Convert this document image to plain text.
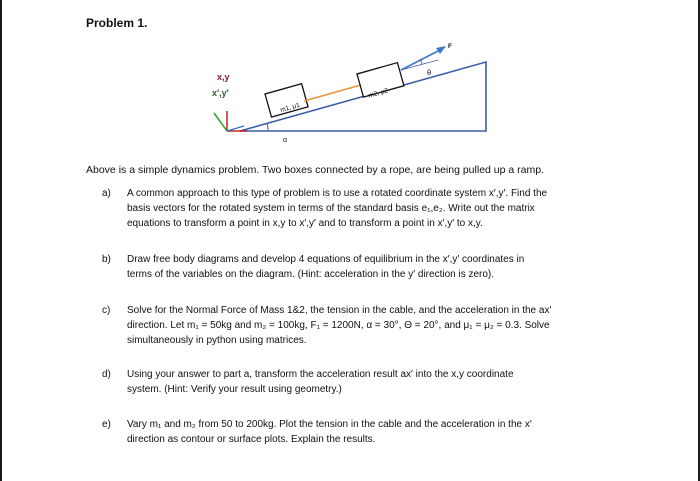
Problem 1.
α
m1, μ1
m2, μ2
θ
F
x,y
x′,y′
Above is a simple dynamics problem. Two boxes connected by a rope, are being pulled up a ramp.
a) A common approach to this type of problem is to use a rotated coordinate system x′,y′. Find the
basis vectors for the rotated system in terms of the standard basis e₁,e₂. Write out the matrix
equations to transform a point in x,y to x′,y′ and to transform a point in x′,y′ to x,y.
b) Draw free body diagrams and develop 4 equations of equilibrium in the x′,y′ coordinates in
terms of the variables on the diagram. (Hint: acceleration in the y′ direction is zero).
c) Solve for the Normal Force of Mass 1&2, the tension in the cable, and the acceleration in the ax′
direction. Let m₁ = 50kg and m₂ = 100kg, F₁ = 1200N, α = 30°, Θ = 20°, and μ₁ = μ₂ = 0.3. Solve
simultaneously in python using matrices.
d) Using your answer to part a, transform the acceleration result ax′ into the x,y coordinate
system. (Hint: Verify your result using geometry.)
e) Vary m₁ and m₂ from 50 to 200kg. Plot the tension in the cable and the acceleration in the x′
direction as contour or surface plots. Explain the results.
